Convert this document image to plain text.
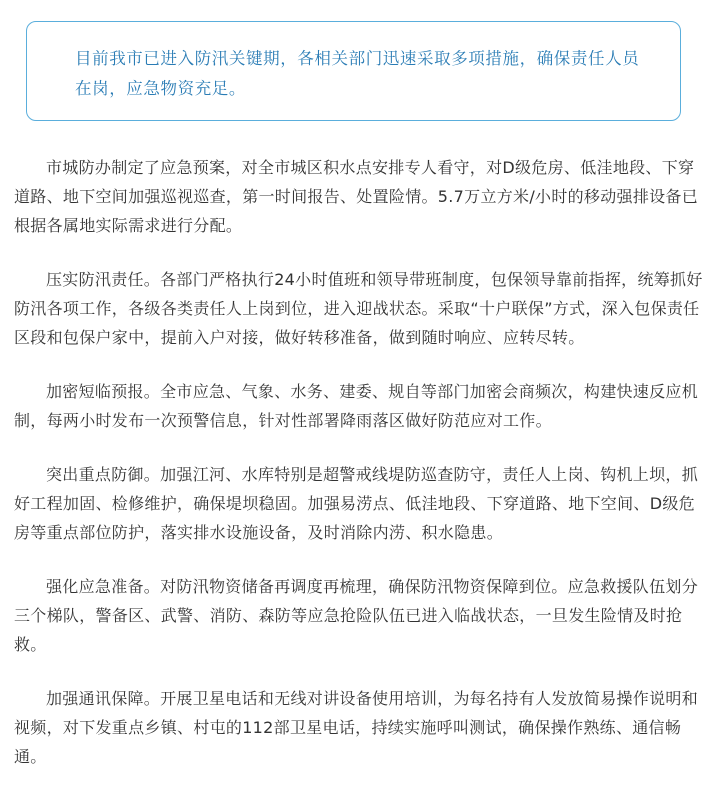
目前我市已进入防汛关键期，各相关部门迅速采取多项措施，确保责任人员在岗，应急物资充足。

市城防办制定了应急预案，对全市城区积水点安排专人看守，对D级危房、低洼地段、下穿道路、地下空间加强巡视巡查，第一时间报告、处置险情。5.7万立方米/小时的移动强排设备已根据各属地实际需求进行分配。

压实防汛责任。各部门严格执行24小时值班和领导带班制度，包保领导靠前指挥，统筹抓好防汛各项工作，各级各类责任人上岗到位，进入迎战状态。采取“十户联保”方式，深入包保责任区段和包保户家中，提前入户对接，做好转移准备，做到随时响应、应转尽转。

加密短临预报。全市应急、气象、水务、建委、规自等部门加密会商频次，构建快速反应机制，每两小时发布一次预警信息，针对性部署降雨落区做好防范应对工作。

突出重点防御。加强江河、水库特别是超警戒线堤防巡查防守，责任人上岗、钩机上坝，抓好工程加固、检修维护，确保堤坝稳固。加强易涝点、低洼地段、下穿道路、地下空间、D级危房等重点部位防护，落实排水设施设备，及时消除内涝、积水隐患。

强化应急准备。对防汛物资储备再调度再梳理，确保防汛物资保障到位。应急救援队伍划分三个梯队，警备区、武警、消防、森防等应急抢险队伍已进入临战状态，一旦发生险情及时抢救。

加强通讯保障。开展卫星电话和无线对讲设备使用培训，为每名持有人发放简易操作说明和视频，对下发重点乡镇、村屯的112部卫星电话，持续实施呼叫测试，确保操作熟练、通信畅通。
